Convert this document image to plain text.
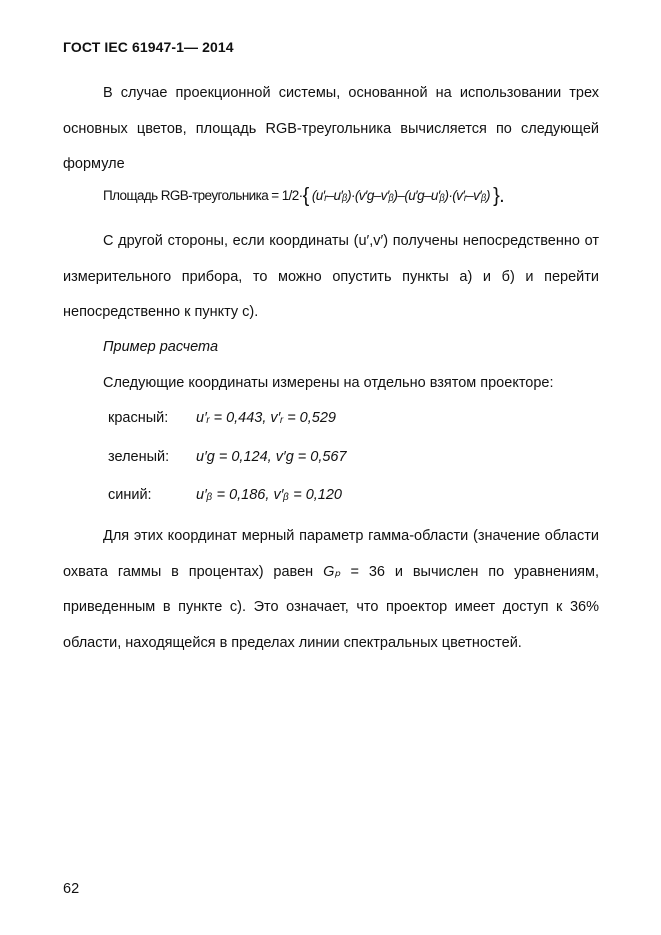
ГОСТ IEC 61947-1— 2014

В случае проекционной системы, основанной на использовании трех основных цветов, площадь RGB-треугольника вычисляется по следующей формуле

Площадь RGB-треугольника = 1/2·{ (u′ᵣ–u′ᵦ)·(v′g–v′ᵦ)–(u′g–u′ᵦ)·(v′ᵣ–v′ᵦ) }.

С другой стороны, если координаты (u′,v′) получены непосредственно от измерительного прибора, то можно опустить пункты а) и б) и перейти непосредственно к пункту с).

Пример расчета
Следующие координаты измерены на отдельно взятом проекторе:
красный: u′ᵣ = 0,443, v′ᵣ = 0,529
зеленый: u′g = 0,124, v′g = 0,567
синий:	u′ᵦ = 0,186, v′ᵦ = 0,120

Для этих координат мерный параметр гамма-области (значение области охвата гаммы в процентах) равен Gₚ = 36 и вычислен по уравнениям, приведенным в пункте с). Это означает, что проектор имеет доступ к 36% области, находящейся в пределах линии спектральных цветностей.

62
